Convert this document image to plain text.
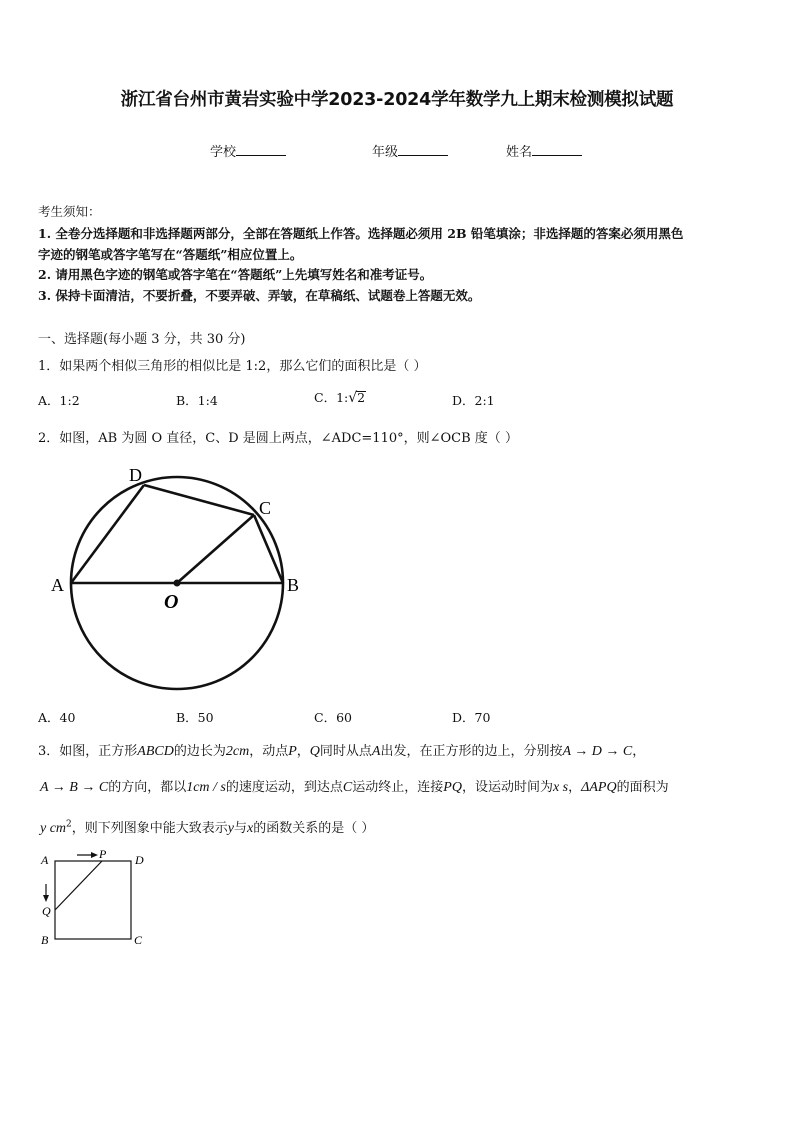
浙江省台州市黄岩实验中学2023-2024学年数学九上期末检测模拟试题
学校	年级	姓名
考生须知：
1. 全卷分选择题和非选择题两部分，全部在答题纸上作答。选择题必须用 2B 铅笔填涂；非选择题的答案必须用黑色
字迹的钢笔或答字笔写在“答题纸”相应位置上。
2. 请用黑色字迹的钢笔或答字笔在“答题纸”上先填写姓名和准考证号。
3. 保持卡面清洁，不要折叠，不要弄破、弄皱，在草稿纸、试题卷上答题无效。
一、选择题(每小题 3 分，共 30 分)
1．如果两个相似三角形的相似比是 1:2，那么它们的面积比是（ ）
A．1:2	B．1:4	C．1:√2	D．2:1
2．如图，AB 为圆 O 直径，C、D 是圆上两点，∠ADC=110°，则∠OCB 度（ ）
A	B
C
D
O
A．40	B．50	C．60	D．70
3．如图，正方形ABCD的边长为2cm，动点P，Q同时从点A出发，在正方形的边上，分别按A → D → C，
A → B → C的方向，都以1cm / s的速度运动，到达点C运动终止，连接PQ，设运动时间为x s，ΔAPQ的面积为
y $cm^2$，则下列图象中能大致表示y与x的函数关系的是（ ）
A
B	C
D
P
Q
